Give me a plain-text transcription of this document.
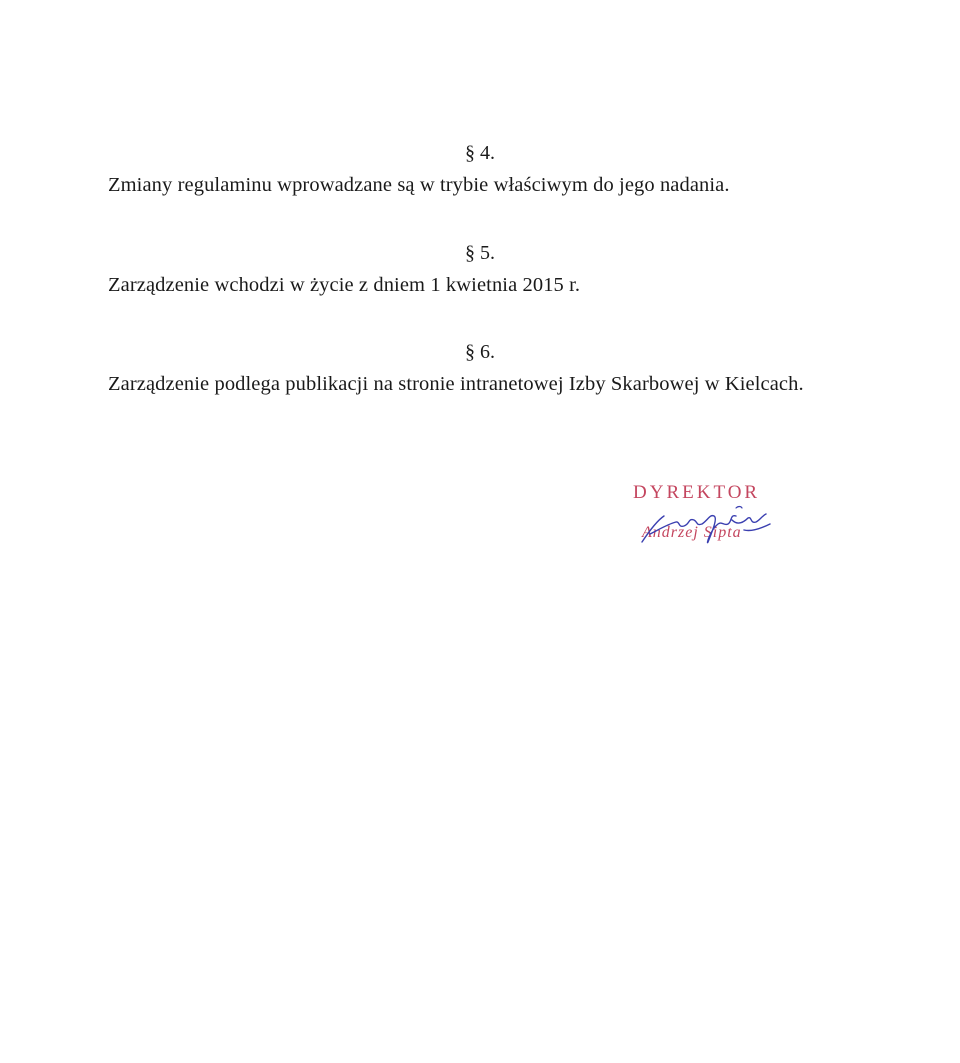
§ 4.
Zmiany regulaminu wprowadzane są w trybie właściwym do jego nadania.
§ 5.
Zarządzenie wchodzi w życie z dniem 1 kwietnia 2015 r.
§ 6.
Zarządzenie podlega publikacji na stronie intranetowej Izby Skarbowej w Kielcach.
DYREKTOR
Andrzej Sipta
